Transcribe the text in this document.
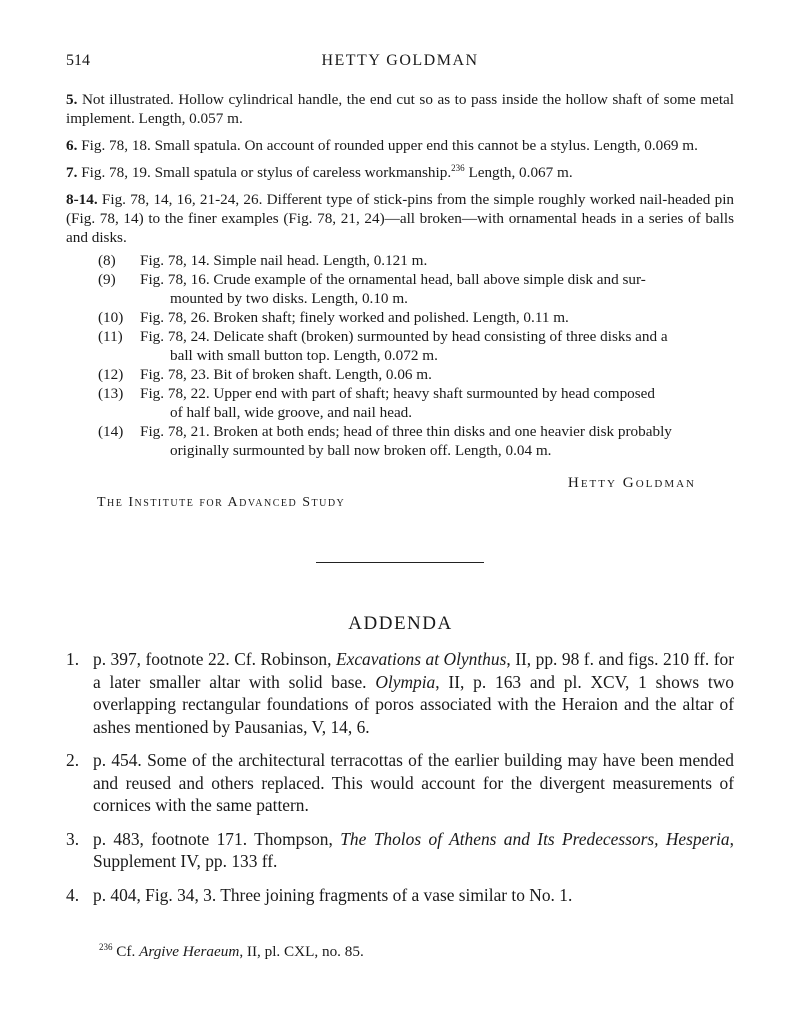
514	HETTY GOLDMAN

5. Not illustrated. Hollow cylindrical handle, the end cut so as to pass inside the hollow shaft of some metal implement. Length, 0.057 m.

6. Fig. 78, 18. Small spatula. On account of rounded upper end this cannot be a stylus. Length, 0.069 m.

7. Fig. 78, 19. Small spatula or stylus of careless workmanship.$^{236}$ Length, 0.067 m.

8-14. Fig. 78, 14, 16, 21-24, 26. Different type of stick-pins from the simple roughly worked nail-headed pin (Fig. 78, 14) to the finer examples (Fig. 78, 21, 24)—all broken—with ornamental heads in a series of balls and disks.

(8)	Fig. 78, 14. Simple nail head. Length, 0.121 m.
(9)	Fig. 78, 16. Crude example of the ornamental head, ball above simple disk and sur-
mounted by two disks. Length, 0.10 m.
(10)	Fig. 78, 26. Broken shaft; finely worked and polished. Length, 0.11 m.
(11)	Fig. 78, 24. Delicate shaft (broken) surmounted by head consisting of three disks and a
ball with small button top. Length, 0.072 m.
(12)	Fig. 78, 23. Bit of broken shaft. Length, 0.06 m.
(13)	Fig. 78, 22. Upper end with part of shaft; heavy shaft surmounted by head composed
of half ball, wide groove, and nail head.
(14)	Fig. 78, 21. Broken at both ends; head of three thin disks and one heavier disk probably
originally surmounted by ball now broken off. Length, 0.04 m.
Hetty Goldman
The Institute for Advanced Study
ADDENDA
1. p. 397, footnote 22. Cf. Robinson, Excavations at Olynthus, II, pp. 98 f. and figs. 210 ff. for a later smaller altar with solid base. Olympia, II, p. 163 and pl. XCV, 1 shows two overlapping rectangular foundations of poros associated with the Heraion and the altar of ashes mentioned by Pausanias, V, 14, 6.
2. p. 454. Some of the architectural terracottas of the earlier building may have been mended and reused and others replaced. This would account for the divergent measurements of cornices with the same pattern.
3. p. 483, footnote 171. Thompson, The Tholos of Athens and Its Predecessors, Hesperia, Supplement IV, pp. 133 ff.
4. p. 404, Fig. 34, 3. Three joining fragments of a vase similar to No. 1.
$^{236}$ Cf. Argive Heraeum, II, pl. CXL, no. 85.
